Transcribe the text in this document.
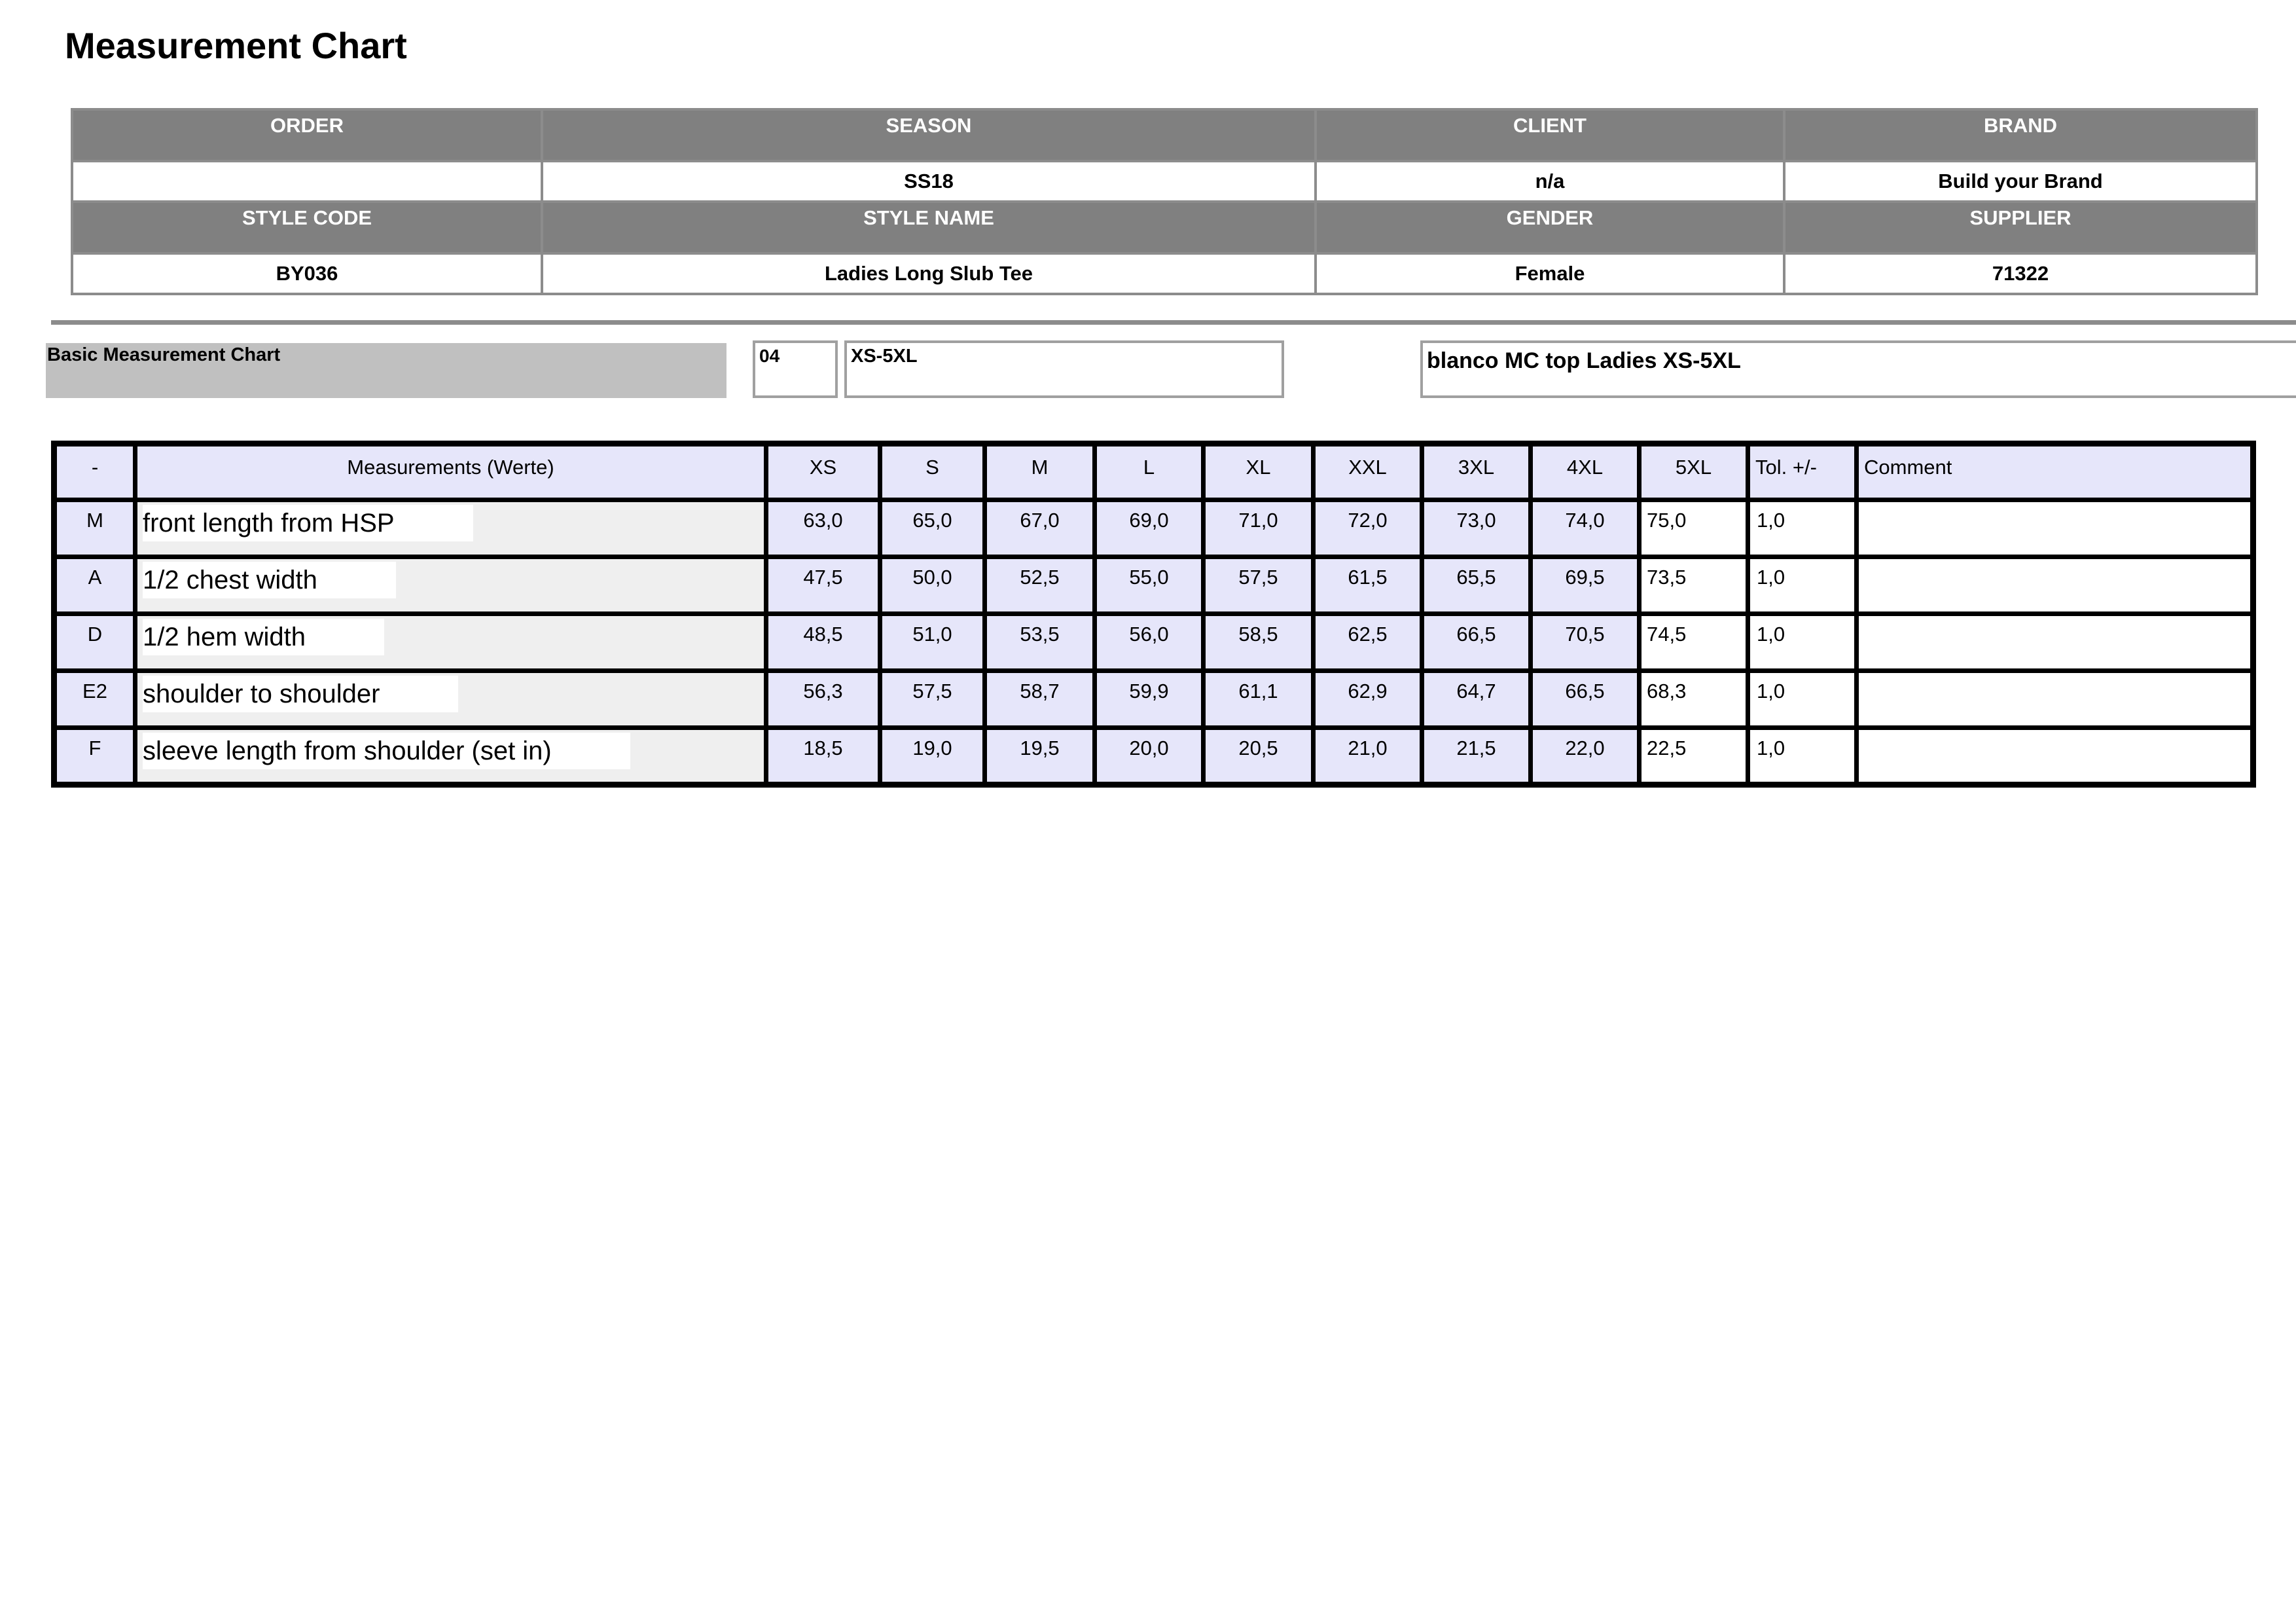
Measurement Chart
ORDER	SEASON	CLIENT	BRAND
	SS18	n/a	Build your Brand
STYLE CODE	STYLE NAME	GENDER	SUPPLIER
BY036	Ladies Long Slub Tee	Female	71322
Basic Measurement Chart	04	XS-5XL	blanco MC top Ladies XS-5XL
-	Measurements (Werte)	XS	S	M	L	XL	XXL	3XL	4XL	5XL	Tol. +/-	Comment
M	front length from HSP	63,0	65,0	67,0	69,0	71,0	72,0	73,0	74,0	75,0	1,0	
A	1/2 chest width	47,5	50,0	52,5	55,0	57,5	61,5	65,5	69,5	73,5	1,0	
D	1/2 hem width	48,5	51,0	53,5	56,0	58,5	62,5	66,5	70,5	74,5	1,0	
E2	shoulder to shoulder	56,3	57,5	58,7	59,9	61,1	62,9	64,7	66,5	68,3	1,0	
F	sleeve length from shoulder (set in)	18,5	19,0	19,5	20,0	20,5	21,0	21,5	22,0	22,5	1,0	
